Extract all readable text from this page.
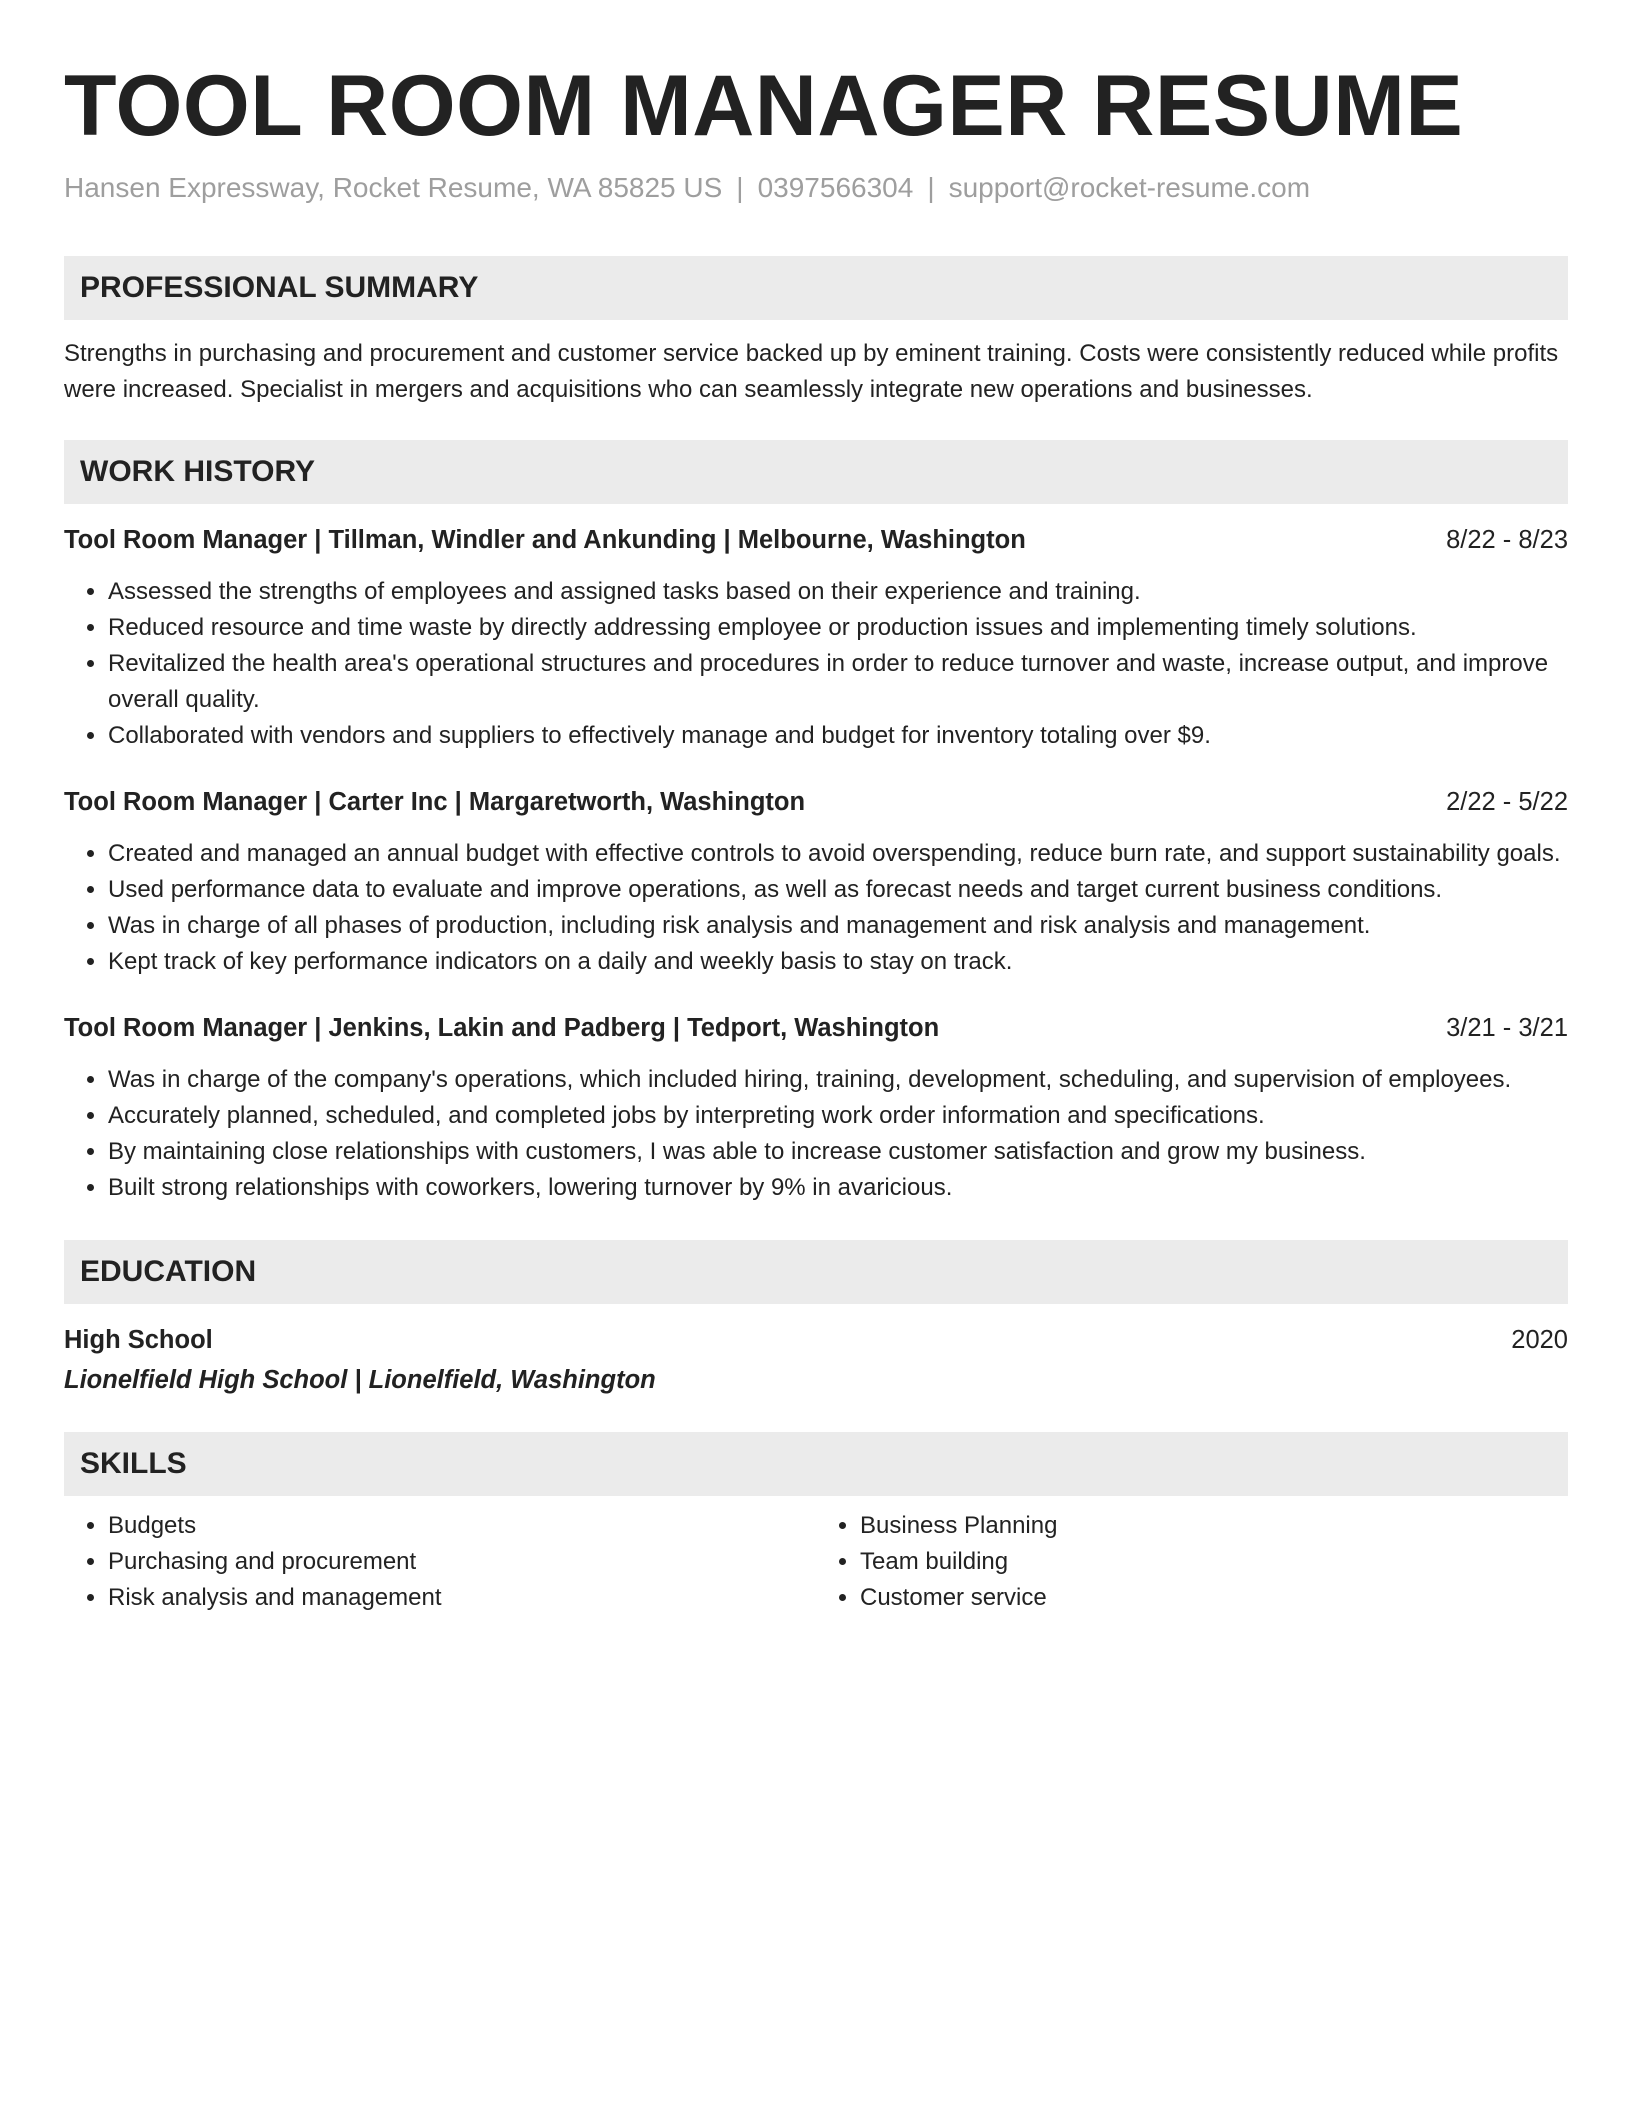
TOOL ROOM MANAGER RESUME
Hansen Expressway, Rocket Resume, WA 85825 US | 0397566304 | support@rocket-resume.com
PROFESSIONAL SUMMARY

Strengths in purchasing and procurement and customer service backed up by eminent training. Costs were consistently reduced while profits were increased. Specialist in mergers and acquisitions who can seamlessly integrate new operations and businesses.

WORK HISTORY
Tool Room Manager | Tillman, Windler and Ankunding | Melbourne, Washington	8/22 - 8/23
• Assessed the strengths of employees and assigned tasks based on their experience and training.
• Reduced resource and time waste by directly addressing employee or production issues and implementing timely solutions.
• Revitalized the health area's operational structures and procedures in order to reduce turnover and waste, increase output, and improve overall quality.
• Collaborated with vendors and suppliers to effectively manage and budget for inventory totaling over $9.
Tool Room Manager | Carter Inc | Margaretworth, Washington	2/22 - 5/22
• Created and managed an annual budget with effective controls to avoid overspending, reduce burn rate, and support sustainability goals.
• Used performance data to evaluate and improve operations, as well as forecast needs and target current business conditions.
• Was in charge of all phases of production, including risk analysis and management and risk analysis and management.
• Kept track of key performance indicators on a daily and weekly basis to stay on track.
Tool Room Manager | Jenkins, Lakin and Padberg | Tedport, Washington	3/21 - 3/21
• Was in charge of the company's operations, which included hiring, training, development, scheduling, and supervision of employees.
• Accurately planned, scheduled, and completed jobs by interpreting work order information and specifications.
• By maintaining close relationships with customers, I was able to increase customer satisfaction and grow my business.
• Built strong relationships with coworkers, lowering turnover by 9% in avaricious.
EDUCATION
High School	2020
Lionelfield High School | Lionelfield, Washington
SKILLS
• Budgets
• Purchasing and procurement
• Risk analysis and management
• Business Planning
• Team building
• Customer service
